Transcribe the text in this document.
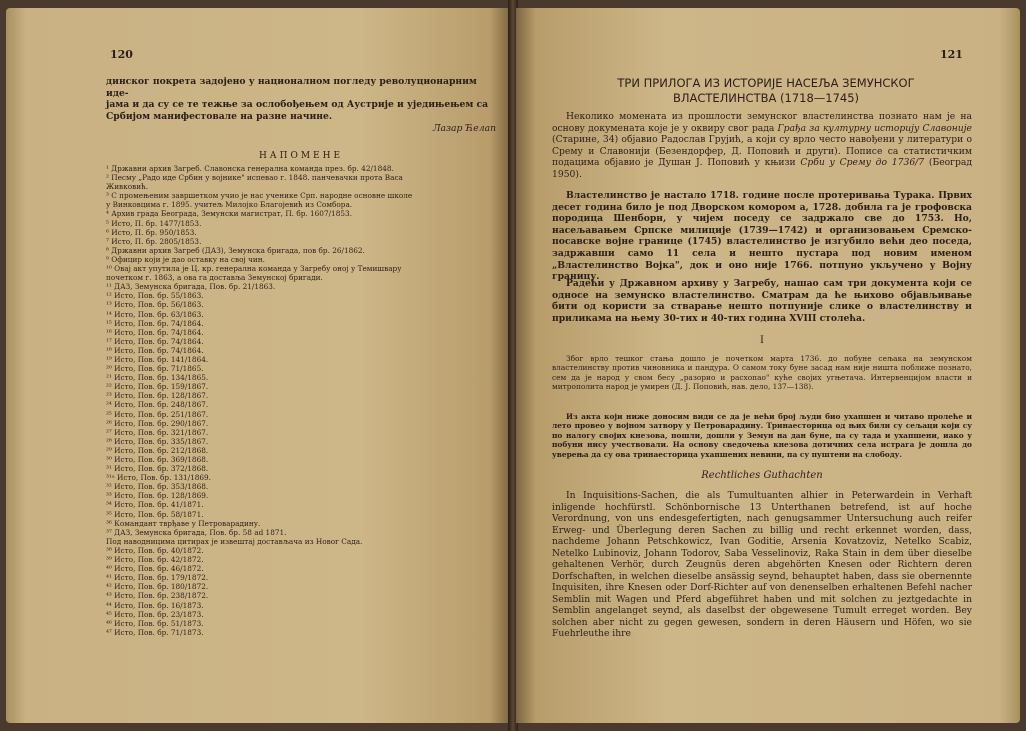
120
динског покрета задојено у националном погледу револуционарним иде-
јама и да су се те тежње за ослобођењем од Аустрије и уједињењем са
Србијом манифестовале на разне начине.
Лазар Ћелап
НАПОМЕНЕ
¹ Државни архив Загреб. Славонска генерална команда през. бр. 42/1848.
² Песму „Радо иде Србин у војнике" испевао г. 1848. панчевачки прота Васа
Живковић.
³ С промењеним завршетком учио је нас ученике Срп. народне основне школе
у Винковцима г. 1895. учитељ Милојко Благојевић из Сомбора.
⁴ Архив града Београда, Земунски магистрат, П. бр. 1607/1853.
⁵ Исто, П. бр. 1477/1853.
⁶ Исто, П. бр. 950/1853.
⁷ Исто, П. бр. 2805/1853.
⁸ Државни архив Загреб (ДАЗ), Земунска бригада, пов бр. 26/1862.
⁹ Официр који је дао оставку на свој чин.
¹⁰ Овај акт упутила је Ц. кр. генерална команда у Загребу оној у Темишвару
почетком г. 1863, а ова га доставља Земунској бригади.
¹¹ ДАЗ, Земунска бригада, Пов. бр. 21/1863.
¹² Исто, Пов. бр. 55/1863.
¹³ Исто, Пов. бр. 56/1863.
¹⁴ Исто, Пов. бр. 63/1863.
¹⁵ Исто, Пов. бр. 74/1864.
¹⁶ Исто, Пов. бр. 74/1864.
¹⁷ Исто, Пов. бр. 74/1864.
¹⁸ Исто, Пов. бр. 74/1864.
¹⁹ Исто, Пов. бр. 141/1864.
²⁰ Исто, Пов. бр. 71/1865.
²¹ Исто, Пов. бр. 134/1865.
²² Исто, Пов. бр. 159/1867.
²³ Исто, Пов. бр. 128/1867.
²⁴ Исто, Пов. бр. 248/1867.
²⁵ Исто, Пов. бр. 251/1867.
²⁶ Исто, Пов. бр. 290/1867.
²⁷ Исто, Пов. бр. 321/1867.
²⁸ Исто, Пов. бр. 335/1867.
²⁹ Исто, Пов. бр. 212/1868.
³⁰ Исто, Пов. бр. 369/1868.
³¹ Исто, Пов. бр. 372/1868.
³¹ᵃ Исто, Пов. бр. 131/1869.
³² Исто, Пов. бр. 353/1868.
³³ Исто, Пов. бр. 128/1869.
³⁴ Исто, Пов. бр. 41/1871.
³⁵ Исто, Пов. бр. 58/1871.
³⁶ Командант тврђаве у Петроварадину.
³⁷ ДАЗ, Земунска бригада, Пов. бр. 58 ad 1871.
Под наводницима цитирах је извештај достављача из Новог Сада.
³⁸ Исто, Пов. бр. 40/1872.
³⁹ Исто, Пов. бр. 42/1872.
⁴⁰ Исто, Пов. бр. 46/1872.
⁴¹ Исто, Пов. бр. 179/1872.
⁴² Исто, Пов. бр. 180/1872.
⁴³ Исто, Пов. бр. 238/1872.
⁴⁴ Исто, Пов. бр. 16/1873.
⁴⁵ Исто, Пов. бр. 23/1873.
⁴⁶ Исто, Пов. бр. 51/1873.
⁴⁷ Исто, Пов. бр. 71/1873.
121
ТРИ ПРИЛОГА ИЗ ИСТОРИЈЕ НАСЕЉА ЗЕМУНСКОГ
ВЛАСТЕЛИНСТВА (1718—1745)
Неколико момената из прошлости земунског властелинства познато нам је на основу докумената које је у оквиру свог рада Грађа за културну историју Славоније (Старине, 34) објавио Радослав Грујић, а који су врло често навођени у литератури о Срему и Славонији (Безендорфер, Д. Поповић и други). Пописе са статистичким подацима објавио је Душан Ј. Поповић у књизи Срби у Срему до 1736/7 (Београд 1950).
Властелинство је настало 1718. године после протеривања Турака. Првих десет година било је под Дворском комором а, 1728. добила га је грофовска породица Шенборн, у чијем поседу се задржало све до 1753. Но, насељавањем Српске милиције (1739—1742) и организовањем Сремско-посавске војне границе (1745) властелинство је изгубило већи део поседа, задржавши само 11 села и нешто пустара под новим именом „Властелинство Војка", док и оно није 1766. потпуно укључено у Војну границу.
Радећи у Државном архиву у Загребу, нашао сам три документа који се односе на земунско властелинство. Сматрам да ће њихово објављивање бити од користи за стварање нешто потпуније слике о властелинству и приликама на њему 30-тих и 40-тих година XVIII столећа.
I
Због врло тешког стања дошло је почетком марта 1736. до побуне сељака на земунском властелинству против чиновника и пандура. О самом току буне засад нам није ништа поближе познато, сем да је народ у свом бесу „разорио и расхопао" куће својих угњетача. Интервенцијом власти и митрополита народ је умирен (Д. Ј. Поповић, нав. дело, 137—138).
Из акта који ниже доносим види се да је већи број људи био ухапшен и читаво пролеће и лето провео у војном затвору у Петроварадину. Тринаесторица од њих били су сељаци који су по налогу својих кнезова, пошли, дошли у Земун на дан буне, па су тада и ухапшени, иако у побуни нису учествовали. На основу сведочења кнезова дотичних села истрага је дошла до уверења да су ова тринаесторица ухапшених невини, па су пуштени на слободу.
Rechtliches Guthachten
In Inquisitions-Sachen, die als Tumultuanten alhier in Peterwardein in Verhaft inligende hochfürstl. Schönbornische 13 Unterthanen betrefend, ist auf hoche Verordnung, von uns endesgefertigten, nach genugsammer Untersuchung auch reifer Erweg- und Überlegung deren Sachen zu billig und recht erkennet worden, dass, nachdeme Johann Petschkowicz, Ivan Goditie, Arsenia Kovatzoviz, Netelko Scabiz, Netelko Lubinoviz, Johann Todorov, Saba Vesselinoviz, Raka Stain in dem über dieselbe gehaltenen Verhör, durch Zeugnüs deren abgehörten Knesen oder Richtern deren Dorfschaften, in welchen dieselbe ansässig seynd, behauptet haben, dass sie obernennte Inquisiten, ihre Knesen oder Dorf-Richter auf von denenselben erhaltenen Befehl nacher Semblin mit Wagen und Pferd abgeführet haben und mit solchen zu jeztgedachte in Semblin angelanget seynd, als daselbst der obgewesene Tumult erreget worden. Bey solchen aber nicht zu gegen gewesen, sondern in deren Häusern und Höfen, wo sie Fuehrleuthe ihre
